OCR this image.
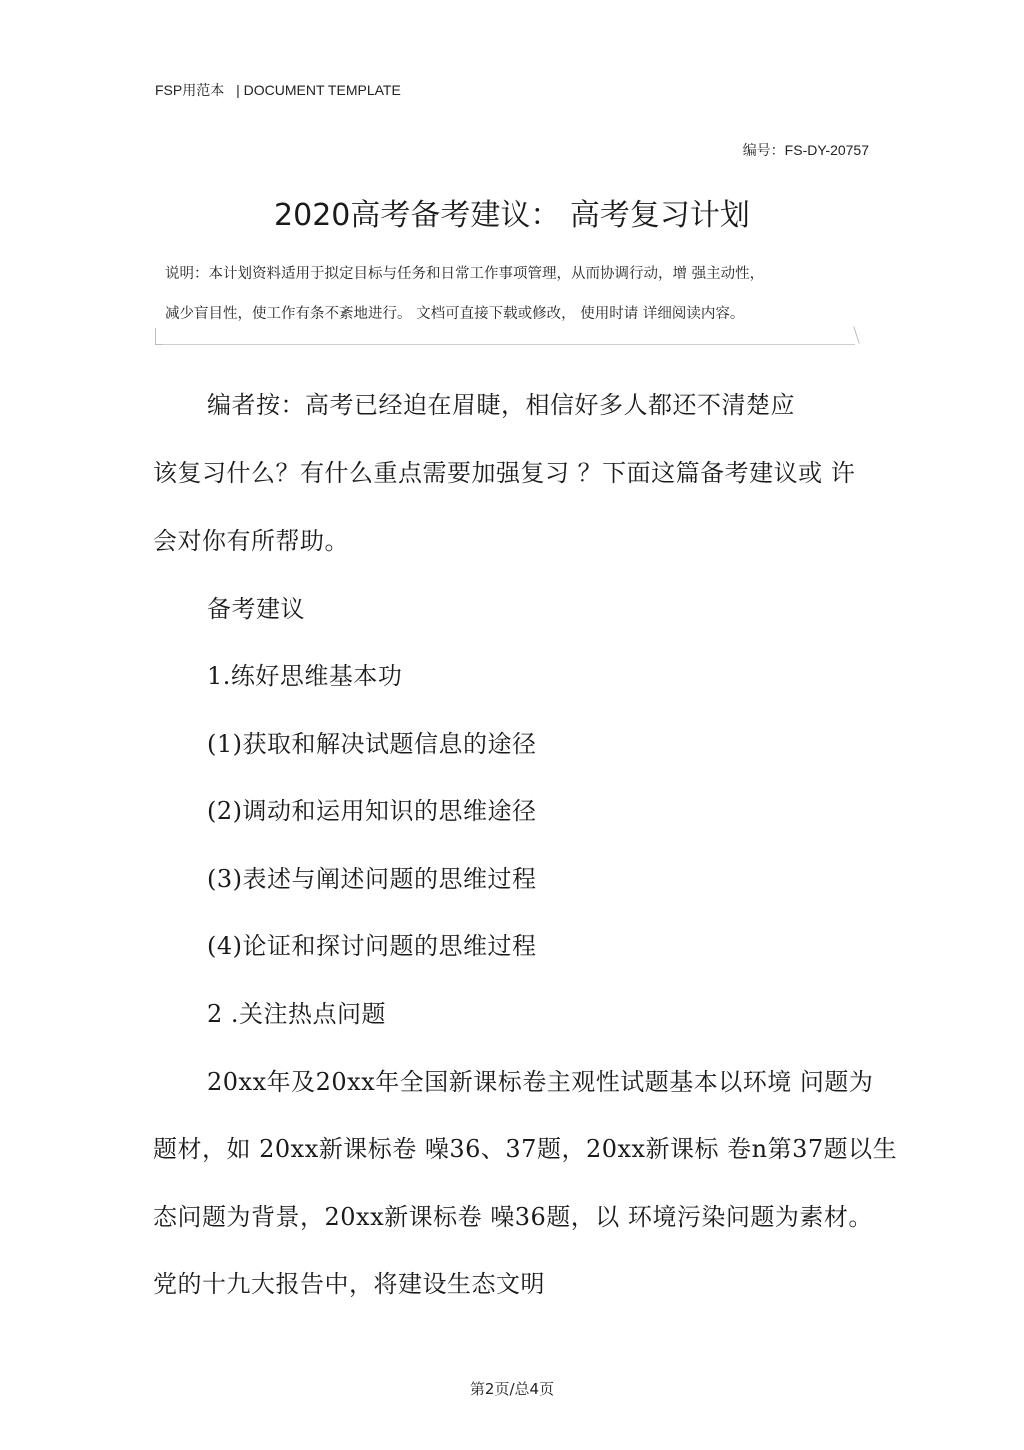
FSP用范本 | DOCUMENT TEMPLATE
编号：FS-DY-20757
2020高考备考建议： 高考复习计划
说明：本计划资料适用于拟定目标与任务和日常工作事项管理，从而协调行动，增 强主动性，
减少盲目性，使工作有条不紊地进行。 文档可直接下载或修改， 使用时请 详细阅读内容。
编者按：高考已经迫在眉睫，相信好多人都还不清楚应
该复习什么？有什么重点需要加强复习 ？下面这篇备考建议或 许
会对你有所帮助。
备考建议
1.练好思维基本功
(1)获取和解决试题信息的途径
(2)调动和运用知识的思维途径
(3)表述与阐述问题的思维过程
(4)论证和探讨问题的思维过程
2 .关注热点问题
20xx年及20xx年全国新课标卷主观性试题基本以环境 问题为
题材，如 20xx新课标卷 噪36、37题，20xx新课标 卷n第37题以生
态问题为背景，20xx新课标卷 噪36题，以 环境污染问题为素材。
党的十九大报告中，将建设生态文明
第2页/总4页
